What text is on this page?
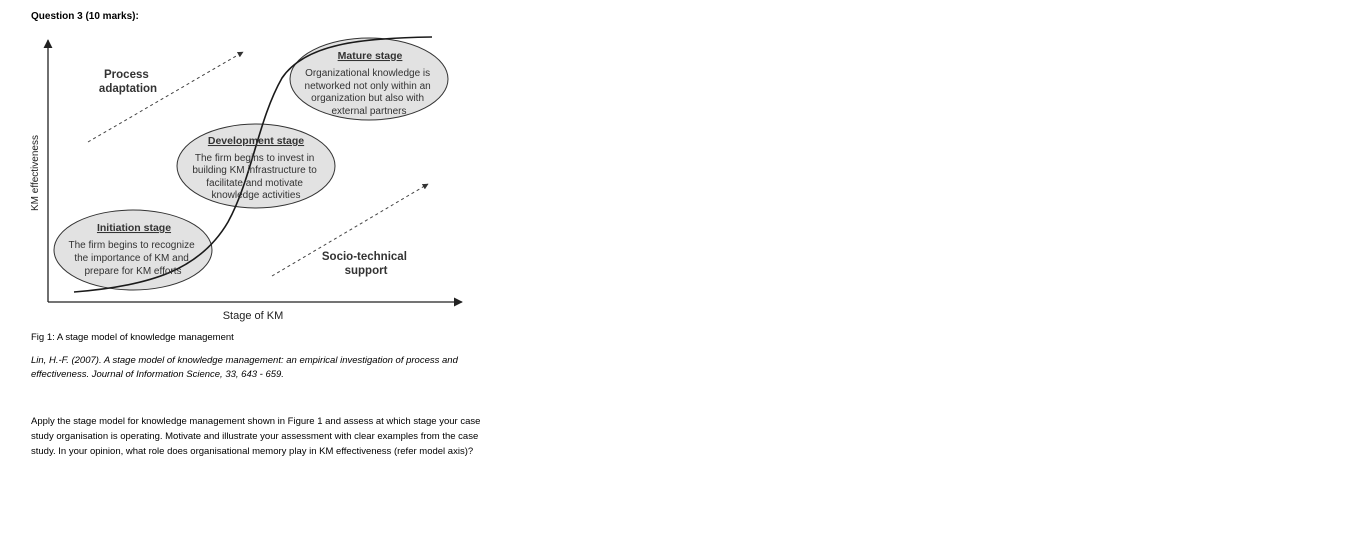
Question 3 (10 marks):
KM effectiveness
Stage of KM
Process adaptation
Socio-technical support
Initiation stage
The firm begins to recognize the importance of KM and prepare for KM efforts
Development stage
The firm begins to invest in building KM infrastructure to facilitate and motivate knowledge activities
Mature stage
Organizational knowledge is networked not only within an organization but also with external partners
Fig 1: A stage model of knowledge management
Lin, H.-F. (2007). A stage model of knowledge management: an empirical investigation of process and effectiveness. Journal of Information Science, 33, 643 - 659.

Apply the stage model for knowledge management shown in Figure 1 and assess at which stage your case study organisation is operating. Motivate and illustrate your assessment with clear examples from the case study. In your opinion, what role does organisational memory play in KM effectiveness (refer model axis)?
